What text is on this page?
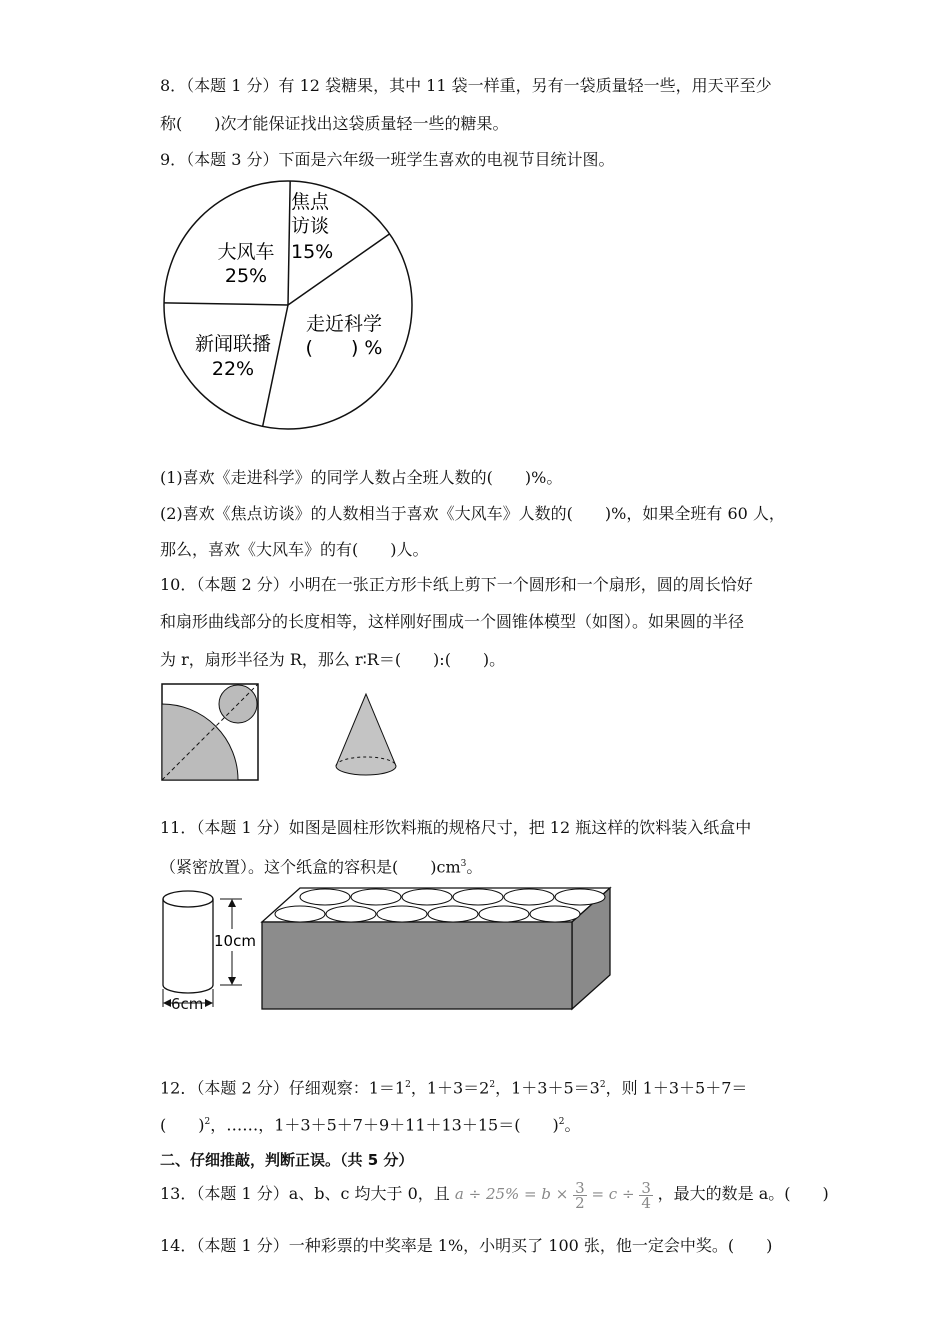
8．（本题 1 分）有 12 袋糖果，其中 11 袋一样重，另有一袋质量轻一些，用天平至少
称(　　)次才能保证找出这袋质量轻一些的糖果。
9．（本题 3 分）下面是六年级一班学生喜欢的电视节目统计图。
焦点
访谈
15%
大风车
25%
走近科学
(　　) %
新闻联播
22%
(1)喜欢《走进科学》的同学人数占全班人数的(　　)%。
(2)喜欢《焦点访谈》的人数相当于喜欢《大风车》人数的(　　)%，如果全班有 60 人，
那么，喜欢《大风车》的有(　　)人。
10．（本题 2 分）小明在一张正方形卡纸上剪下一个圆形和一个扇形，圆的周长恰好
和扇形曲线部分的长度相等，这样刚好围成一个圆锥体模型（如图）。如果圆的半径
为 r，扇形半径为 R，那么 r∶R＝(　　):(　　)。
11．（本题 1 分）如图是圆柱形饮料瓶的规格尺寸，把 12 瓶这样的饮料装入纸盒中
（紧密放置）。这个纸盒的容积是(　　)$cm^3$。
10cm
6cm
12．（本题 2 分）仔细观察：$1=1^2$，$1+3=2^2$，$1+3+5=3^2$，则 1＋3＋5＋7＝
(　　)$^2$，……，1＋3＋5＋7＋9＋11＋13＋15＝(　　)$^2$。
二、仔细推敲，判断正误。（共 5 分）
13．（本题 1 分）a、b、c 均大于 0，且 $a \div 25\% = b \times \frac{3}{2} = c \div \frac{3}{4}$ ，最大的数是 a。(　　)
14．（本题 1 分）一种彩票的中奖率是 1%，小明买了 100 张，他一定会中奖。(　　)
